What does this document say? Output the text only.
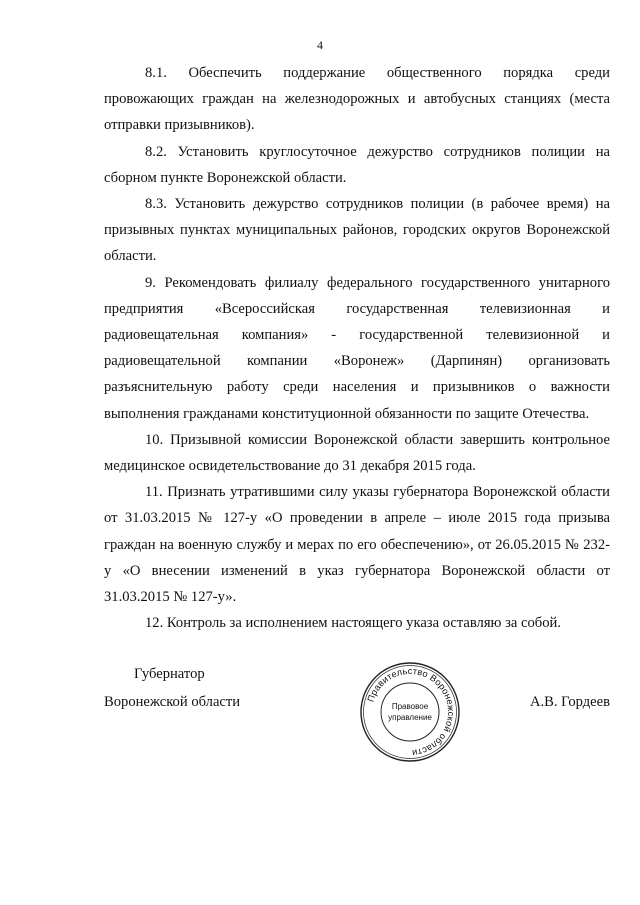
4

8.1. Обеспечить поддержание общественного порядка среди провожающих граждан на железнодорожных и автобусных станциях (места отправки призывников).

8.2. Установить круглосуточное дежурство сотрудников полиции на сборном пункте Воронежской области.

8.3. Установить дежурство сотрудников полиции (в рабочее время) на призывных пунктах муниципальных районов, городских округов Воронежской области.

9. Рекомендовать филиалу федерального государственного унитарного предприятия «Всероссийская государственная телевизионная и радиовещательная компания» - государственной телевизионной и радиовещательной компании «Воронеж» (Дарпинян) организовать разъяснительную работу среди населения и призывников о важности выполнения гражданами конституционной обязанности по защите Отечества.

10. Призывной комиссии Воронежской области завершить контрольное медицинское освидетельствование до 31 декабря 2015 года.

11. Признать утратившими силу указы губернатора Воронежской области от 31.03.2015 № 127-у «О проведении в апреле – июле 2015 года призыва граждан на военную службу и мерах по его обеспечению», от 26.05.2015 № 232-у «О внесении изменений в указ губернатора Воронежской области от 31.03.2015 № 127-у».

12. Контроль за исполнением настоящего указа оставляю за собой.

Губернатор
Воронежской области	Правительство Воронежской области
Правовое
управление
А.В. Гордеев
